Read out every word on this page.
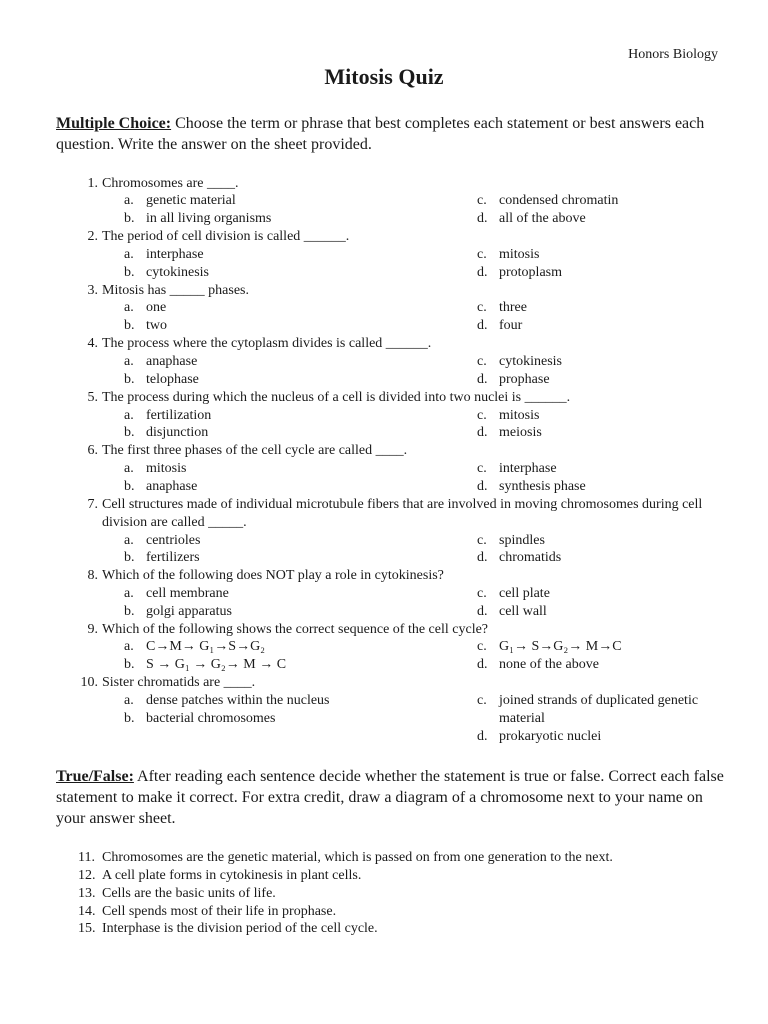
Honors Biology
Mitosis Quiz
Multiple Choice: Choose the term or phrase that best completes each statement or best answers each question. Write the answer on the sheet provided.
1. Chromosomes are ____.
a. genetic material	c. condensed chromatin
b. in all living organisms	d. all of the above
2. The period of cell division is called ______.
a. interphase	c. mitosis
b. cytokinesis	d. protoplasm
3. Mitosis has _____ phases.
a. one	c. three
b. two	d. four
4. The process where the cytoplasm divides is called ______.
a. anaphase	c. cytokinesis
b. telophase	d. prophase
5. The process during which the nucleus of a cell is divided into two nuclei is ______.
a. fertilization	c. mitosis
b. disjunction	d. meiosis
6. The first three phases of the cell cycle are called ____.
a. mitosis	c. interphase
b. anaphase	d. synthesis phase
7. Cell structures made of individual microtubule fibers that are involved in moving chromosomes during cell division are called _____.
a. centrioles	c. spindles
b. fertilizers	d. chromatids
8. Which of the following does NOT play a role in cytokinesis?
a. cell membrane	c. cell plate
b. golgi apparatus	d. cell wall
9. Which of the following shows the correct sequence of the cell cycle?
a. C→M→ G₁→S→G₂	c. G₁→ S→G₂→ M→C
b. S → G₁ → G₂→ M → C	d. none of the above
10. Sister chromatids are ____.
a. dense patches within the nucleus	c. joined strands of duplicated genetic material
b. bacterial chromosomes
d. prokaryotic nuclei
True/False: After reading each sentence decide whether the statement is true or false. Correct each false statement to make it correct. For extra credit, draw a diagram of a chromosome next to your name on your answer sheet.
11. Chromosomes are the genetic material, which is passed on from one generation to the next.
12. A cell plate forms in cytokinesis in plant cells.
13. Cells are the basic units of life.
14. Cell spends most of their life in prophase.
15. Interphase is the division period of the cell cycle.
